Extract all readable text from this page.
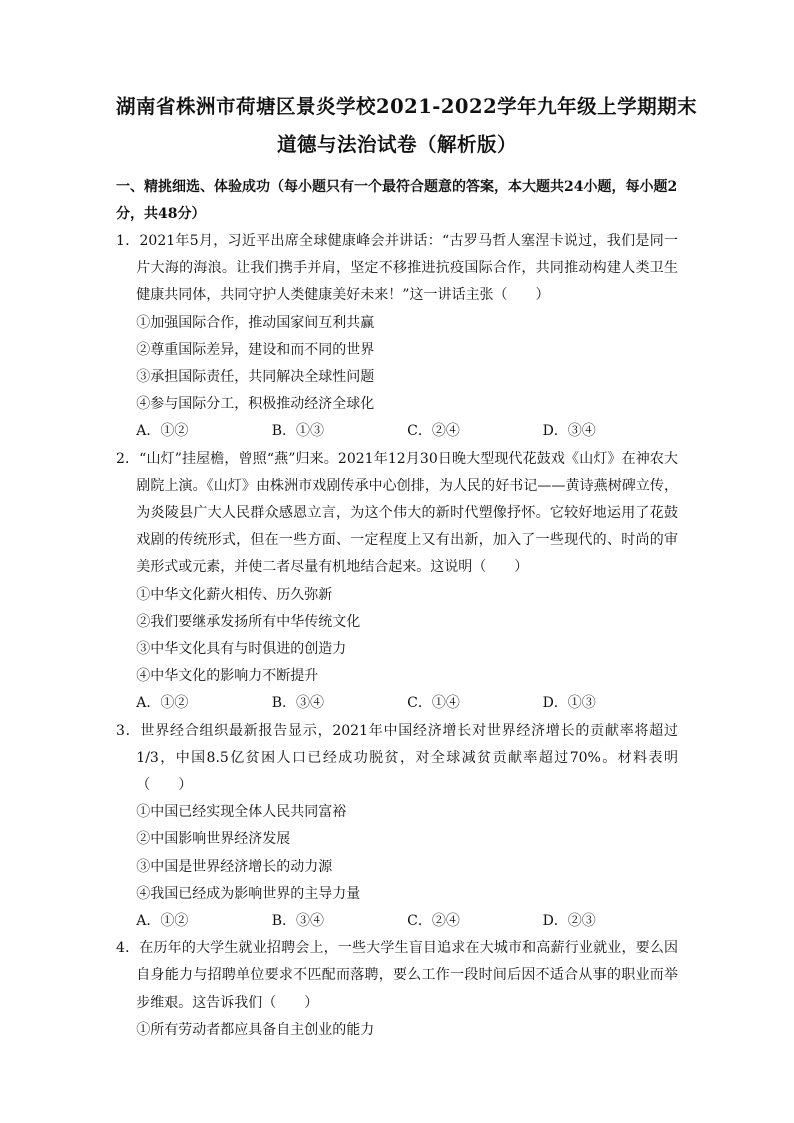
湖南省株洲市荷塘区景炎学校2021-2022学年九年级上学期期末
道德与法治试卷（解析版）
一、精挑细选、体验成功（每小题只有一个最符合题意的答案，本大题共24小题，每小题2分，共48分）
1．2021年5月，习近平出席全球健康峰会并讲话：“古罗马哲人塞涅卡说过，我们是同一片大海的海浪。让我们携手并肩，坚定不移推进抗疫国际合作，共同推动构建人类卫生健康共同体，共同守护人类健康美好未来！”这一讲话主张（　　）
①加强国际合作，推动国家间互利共赢
②尊重国际差异，建设和而不同的世界
③承担国际责任，共同解决全球性问题
④参与国际分工，积极推动经济全球化
A．①②	B．①③	C．②④	D．③④
2．“山灯”挂屋檐，曾照“燕”归来。2021年12月30日晚大型现代花鼓戏《山灯》在神农大剧院上演。《山灯》由株洲市戏剧传承中心创排，为人民的好书记——黄诗燕树碑立传，为炎陵县广大人民群众感恩立言，为这个伟大的新时代塑像抒怀。它较好地运用了花鼓戏剧的传统形式，但在一些方面、一定程度上又有出新，加入了一些现代的、时尚的审美形式或元素，并使二者尽量有机地结合起来。这说明（　　）
①中华文化薪火相传、历久弥新
②我们要继承发扬所有中华传统文化
③中华文化具有与时俱进的创造力
④中华文化的影响力不断提升
A．①②	B．③④	C．①④	D．①③
3．世界经合组织最新报告显示，2021年中国经济增长对世界经济增长的贡献率将超过1/3，中国8.5亿贫困人口已经成功脱贫，对全球减贫贡献率超过70%。材料表明（　　）
①中国已经实现全体人民共同富裕
②中国影响世界经济发展
③中国是世界经济增长的动力源
④我国已经成为影响世界的主导力量
A．①②	B．③④	C．②④	D．②③
4．在历年的大学生就业招聘会上，一些大学生盲目追求在大城市和高薪行业就业，要么因自身能力与招聘单位要求不匹配而落聘，要么工作一段时间后因不适合从事的职业而举步维艰。这告诉我们（　　）
①所有劳动者都应具备自主创业的能力
